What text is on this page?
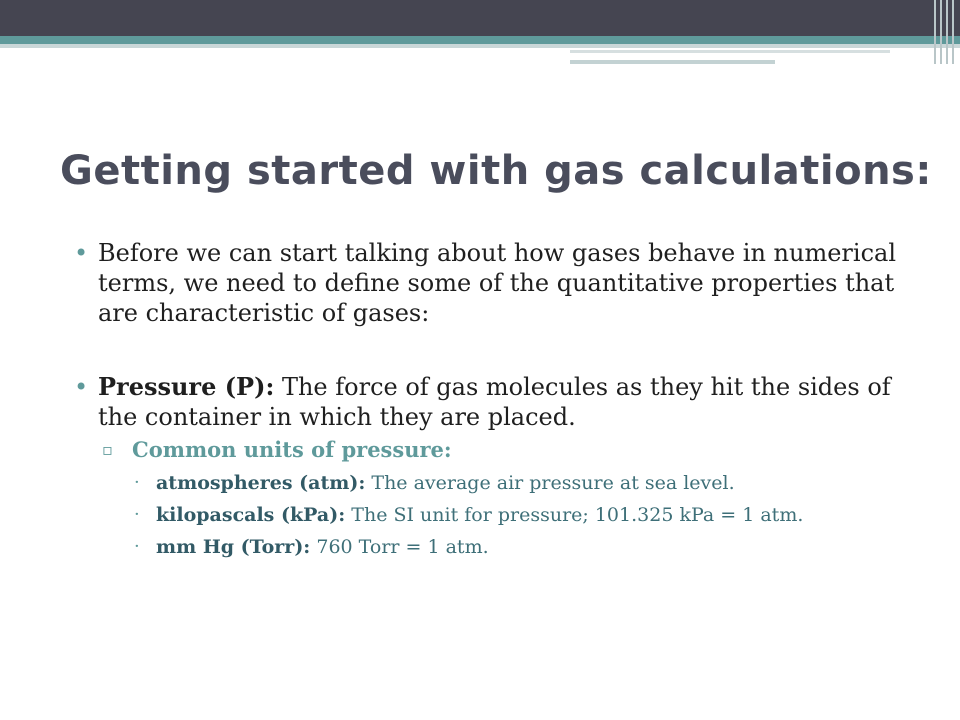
Getting started with gas calculations:
• Before we can start talking about how gases behave in numerical terms, we need to define some of the quantitative properties that are characteristic of gases:
• Pressure (P): The force of gas molecules as they hit the sides of the container in which they are placed.
▫ Common units of pressure:
· atmospheres (atm): The average air pressure at sea level.
· kilopascals (kPa): The SI unit for pressure; 101.325 kPa = 1 atm.
· mm Hg (Torr): 760 Torr = 1 atm.
